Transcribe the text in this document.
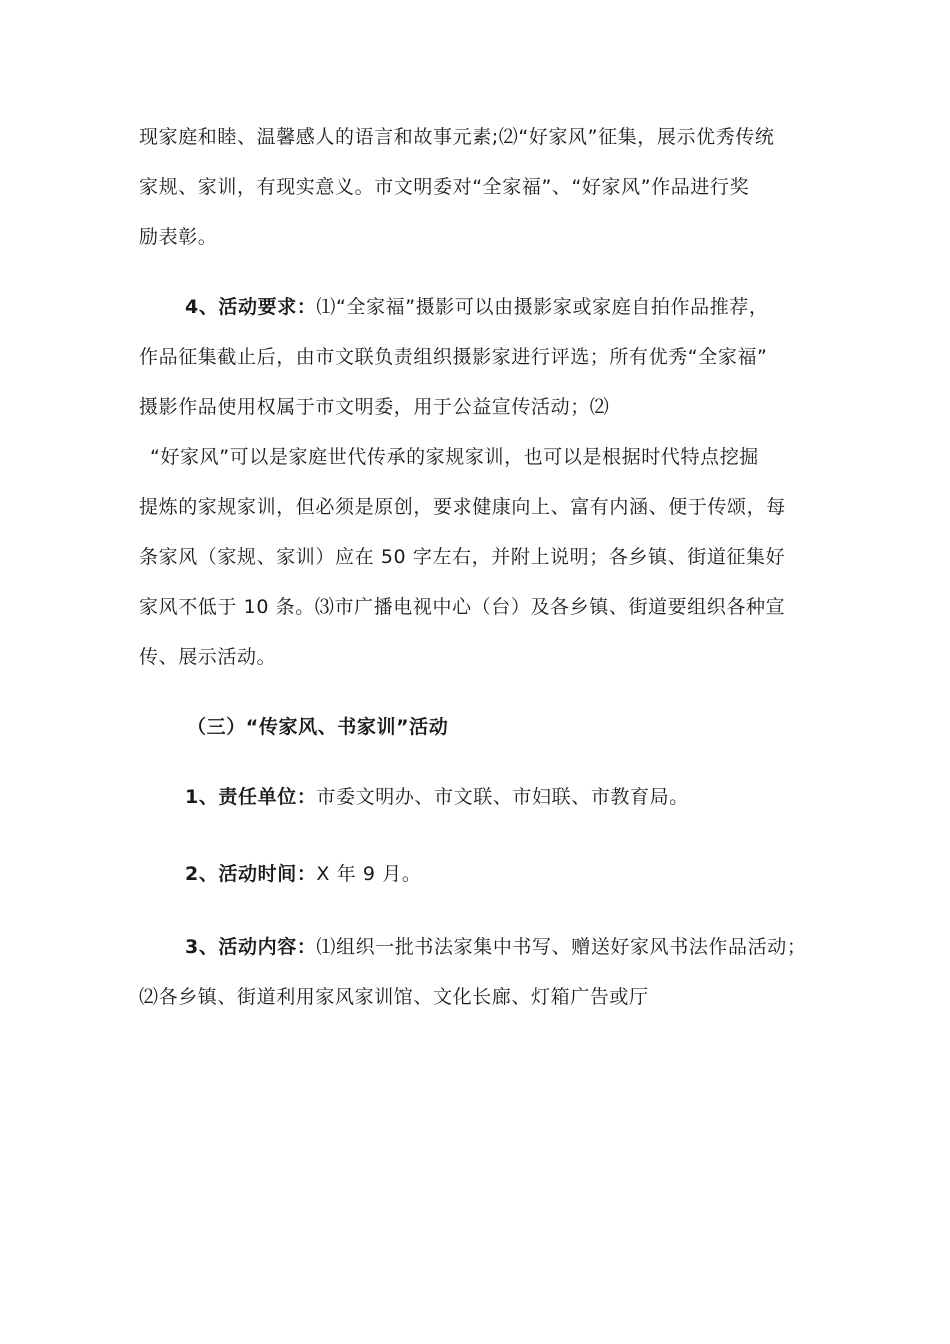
现家庭和睦、温馨感人的语言和故事元素;⑵“好家风”征集，展示优秀传统
家规、家训，有现实意义。市文明委对“全家福”、“好家风”作品进行奖
励表彰。
4、活动要求：⑴“全家福”摄影可以由摄影家或家庭自拍作品推荐，
作品征集截止后，由市文联负责组织摄影家进行评选；所有优秀“全家福”
摄影作品使用权属于市文明委，用于公益宣传活动；⑵
“好家风”可以是家庭世代传承的家规家训，也可以是根据时代特点挖掘
提炼的家规家训，但必须是原创，要求健康向上、富有内涵、便于传颂，每
条家风（家规、家训）应在 50 字左右，并附上说明；各乡镇、街道征集好
家风不低于 10 条。⑶市广播电视中心（台）及各乡镇、街道要组织各种宣
传、展示活动。
（三）“传家风、书家训”活动
1、责任单位：市委文明办、市文联、市妇联、市教育局。
2、活动时间：X 年 9 月。
3、活动内容：⑴组织一批书法家集中书写、赠送好家风书法作品活动；
⑵各乡镇、街道利用家风家训馆、文化长廊、灯箱广告或厅
